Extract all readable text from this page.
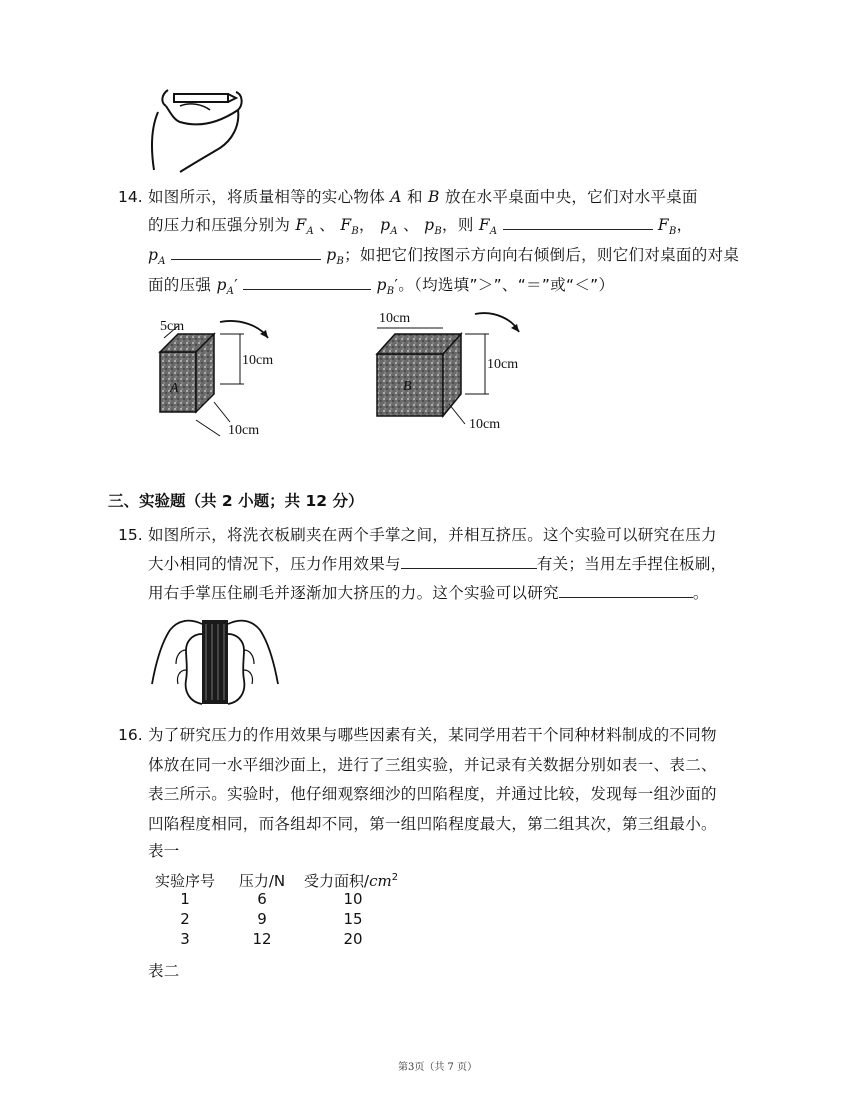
14. 如图所示，将质量相等的实心物体 A 和 B 放在水平桌面中央，它们对水平桌面
的压力和压强分别为 $F_A$ 、 $F_B$， $p_A$ 、 $p_B$，则 $F_A$	$F_B$，
$p_A$	$p_B$；如把它们按图示方向向右倾倒后，则它们对桌面的对桌
面的压强 $p_A'$	$p_B'$。（均选填”＞”、“＝”或“＜”）
A
5cm
10cm
10cm
B
10cm
10cm
10cm
三、实验题（共 2 小题；共 12 分）
15. 如图所示，将洗衣板刷夹在两个手掌之间，并相互挤压。这个实验可以研究在压力
大小相同的情况下，压力作用效果与	有关；当用左手捏住板刷，
用右手掌压住刷毛并逐渐加大挤压的力。这个实验可以研究	。
16. 为了研究压力的作用效果与哪些因素有关，某同学用若干个同种材料制成的不同物
体放在同一水平细沙面上，进行了三组实验，并记录有关数据分别如表一、表二、
表三所示。实验时，他仔细观察细沙的凹陷程度，并通过比较，发现每一组沙面的
凹陷程度相同，而各组却不同，第一组凹陷程度最大，第二组其次，第三组最小。
表一
实验序号	压力/N	受力面积$/cm^2$
1	6	10
2	9	15
3	12	20
表二
第3页（共 7 页）
